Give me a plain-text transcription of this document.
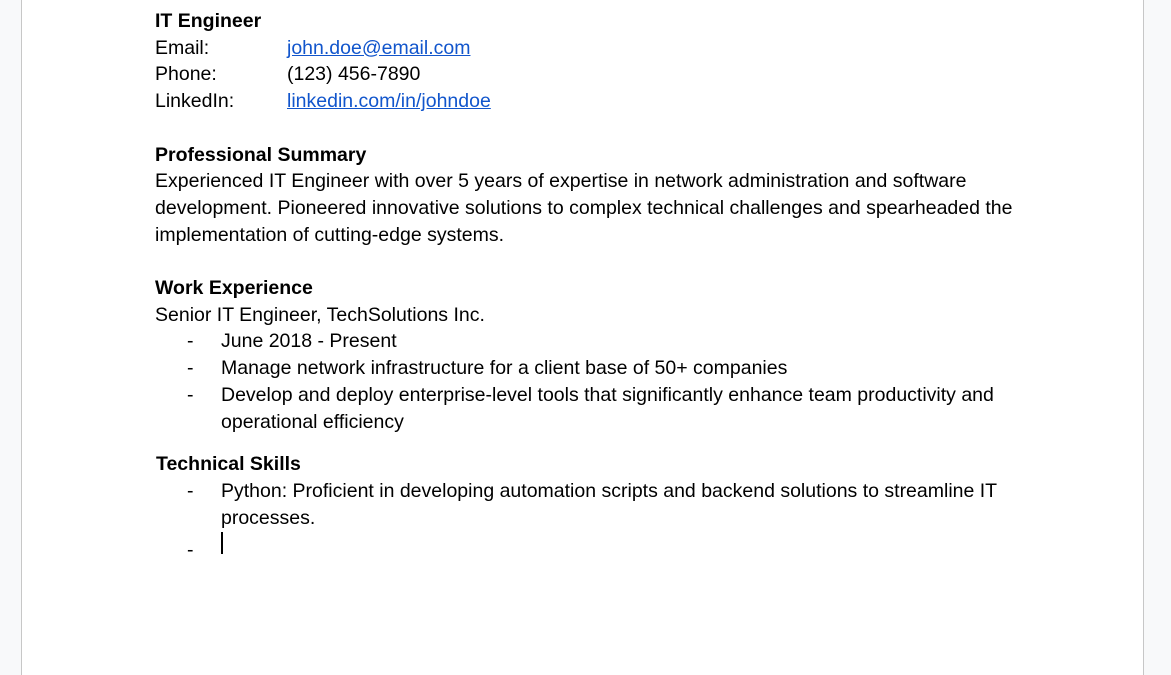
IT Engineer
Email:	john.doe@email.com
Phone:	(123) 456-7890
LinkedIn:	linkedin.com/in/johndoe
Professional Summary
Experienced IT Engineer with over 5 years of expertise in network administration and software development. Pioneered innovative solutions to complex technical challenges and spearheaded the implementation of cutting-edge systems.
Work Experience
Senior IT Engineer, TechSolutions Inc.
-	June 2018 - Present
-	Manage network infrastructure for a client base of 50+ companies
-	Develop and deploy enterprise-level tools that significantly enhance team productivity and operational efficiency
Technical Skills
-	Python: Proficient in developing automation scripts and backend solutions to streamline IT processes.
-
